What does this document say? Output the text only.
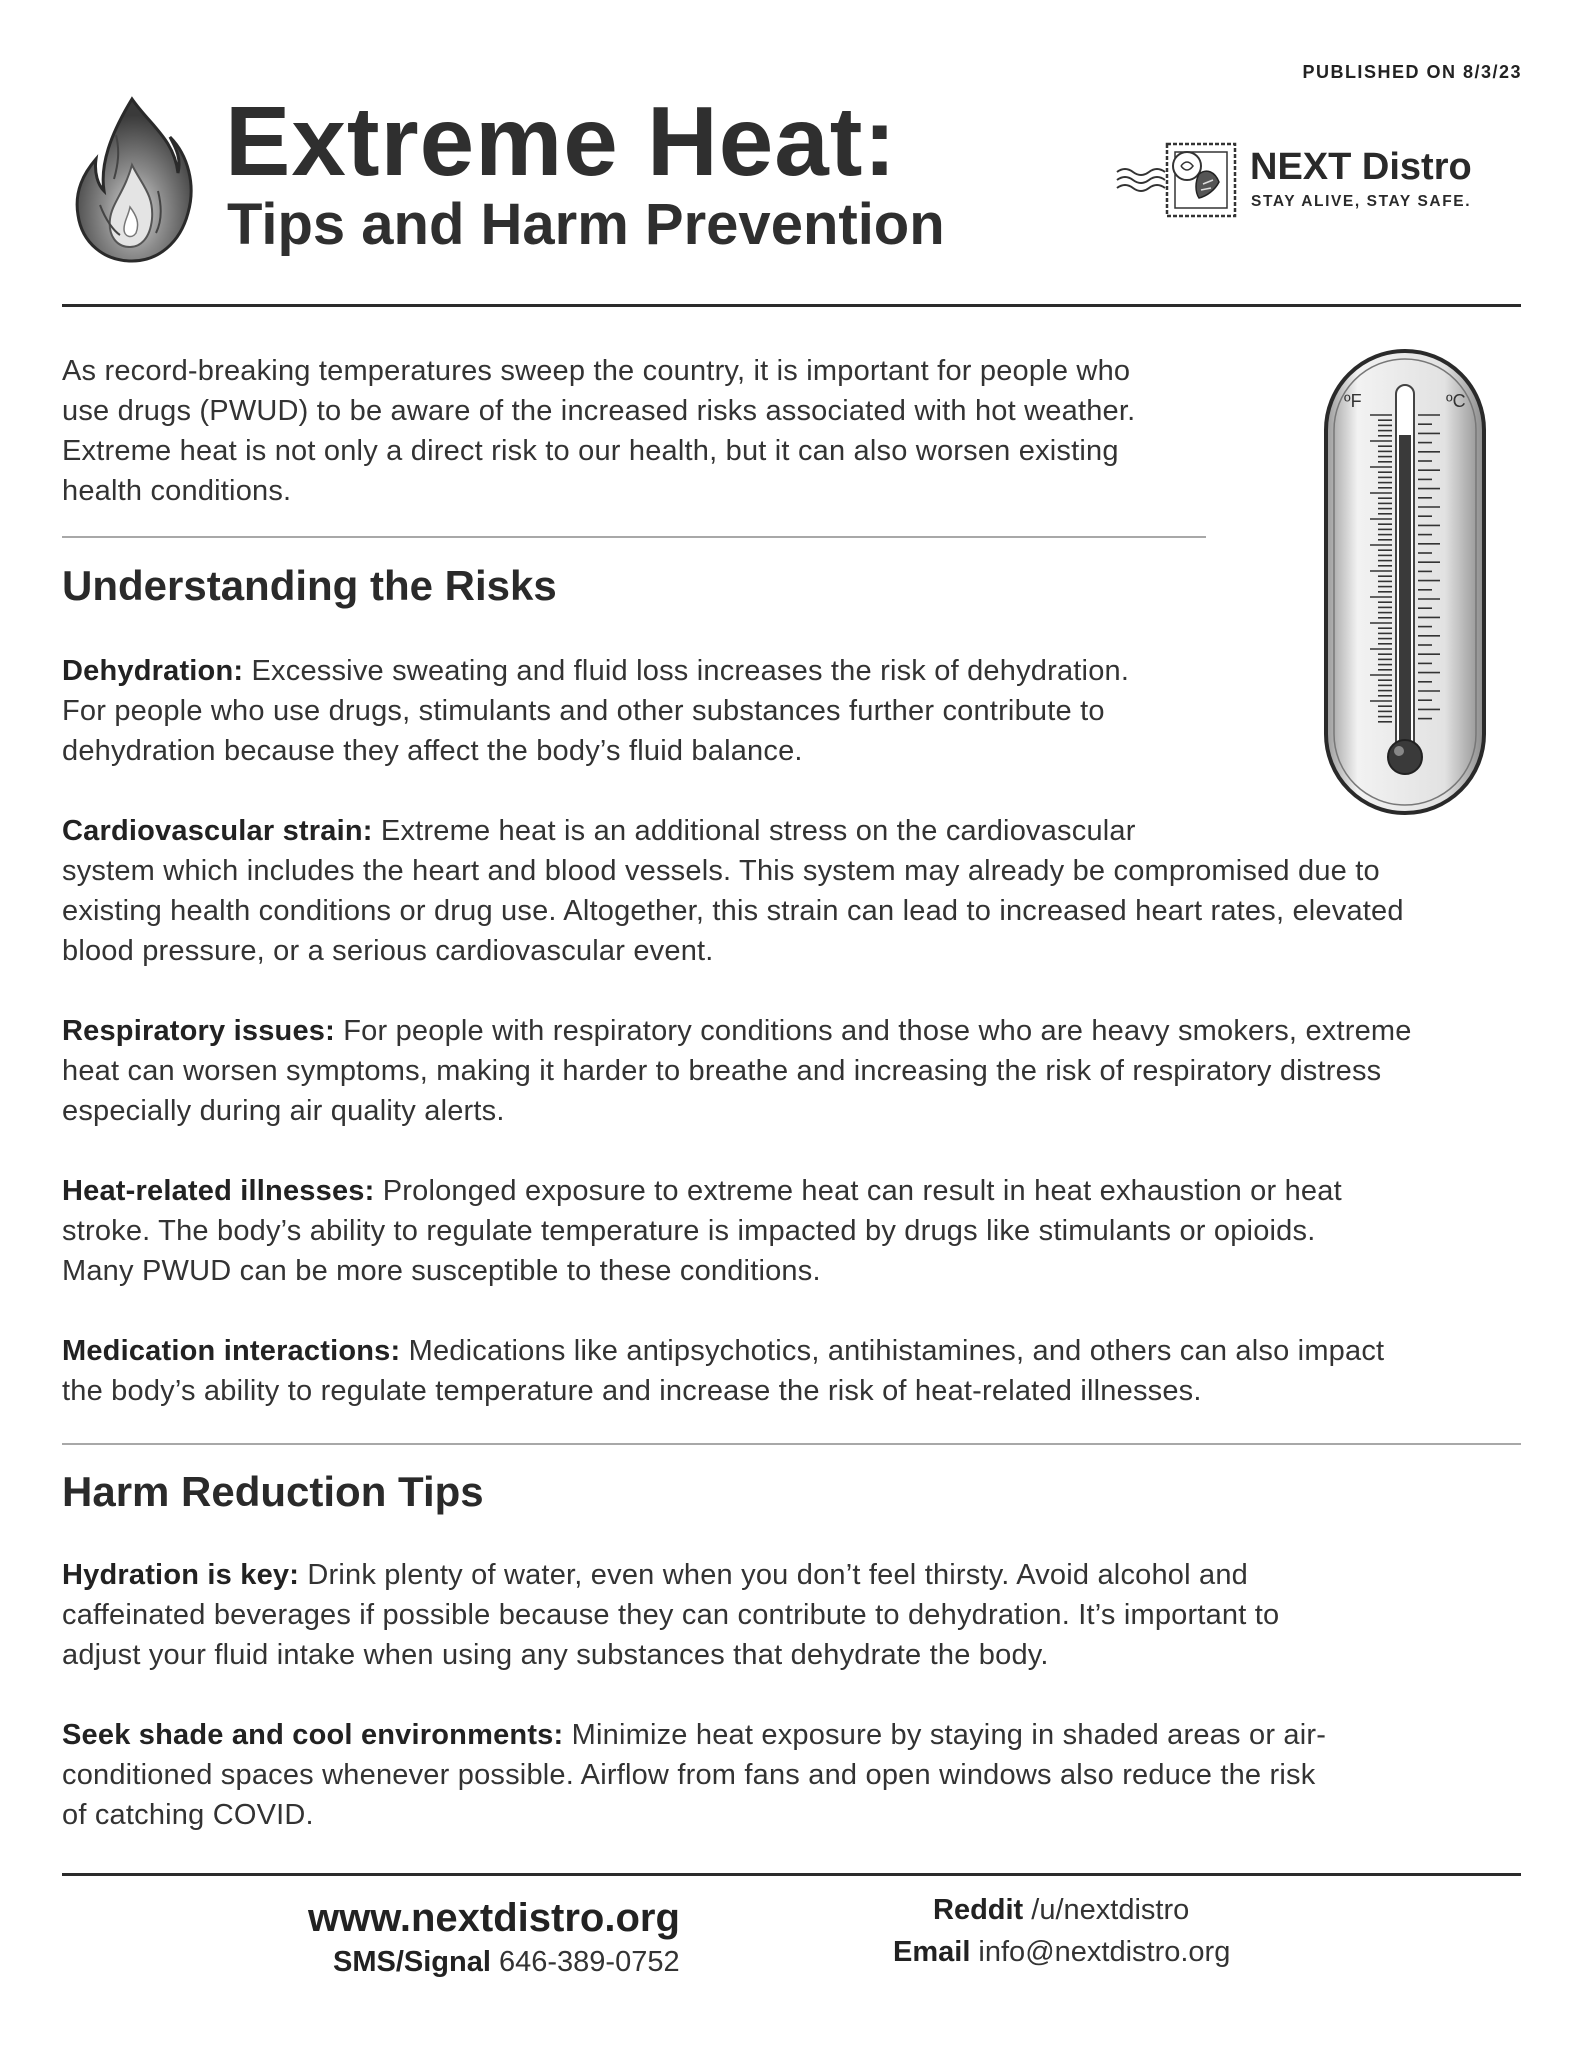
PUBLISHED ON 8/3/23
Extreme Heat:
Tips and Harm Prevention
NEXT Distro
STAY ALIVE, STAY SAFE.
As record-breaking temperatures sweep the country, it is important for people who
use drugs (PWUD) to be aware of the increased risks associated with hot weather.
Extreme heat is not only a direct risk to our health, but it can also worsen existing
health conditions.
ºF	ºC
Understanding the Risks
Dehydration: Excessive sweating and fluid loss increases the risk of dehydration.
For people who use drugs, stimulants and other substances further contribute to
dehydration because they affect the body’s fluid balance.
Cardiovascular strain: Extreme heat is an additional stress on the cardiovascular
system which includes the heart and blood vessels. This system may already be compromised due to
existing health conditions or drug use. Altogether, this strain can lead to increased heart rates, elevated
blood pressure, or a serious cardiovascular event.
Respiratory issues: For people with respiratory conditions and those who are heavy smokers, extreme
heat can worsen symptoms, making it harder to breathe and increasing the risk of respiratory distress
especially during air quality alerts.
Heat-related illnesses: Prolonged exposure to extreme heat can result in heat exhaustion or heat
stroke. The body’s ability to regulate temperature is impacted by drugs like stimulants or opioids.
Many PWUD can be more susceptible to these conditions.
Medication interactions: Medications like antipsychotics, antihistamines, and others can also impact
the body’s ability to regulate temperature and increase the risk of heat-related illnesses.
Harm Reduction Tips
Hydration is key: Drink plenty of water, even when you don’t feel thirsty. Avoid alcohol and
caffeinated beverages if possible because they can contribute to dehydration. It’s important to
adjust your fluid intake when using any substances that dehydrate the body.
Seek shade and cool environments: Minimize heat exposure by staying in shaded areas or air-
conditioned spaces whenever possible. Airflow from fans and open windows also reduce the risk
of catching COVID.
www.nextdistro.org
SMS/Signal 646-389-0752
Reddit /u/nextdistro
Email info@nextdistro.org
